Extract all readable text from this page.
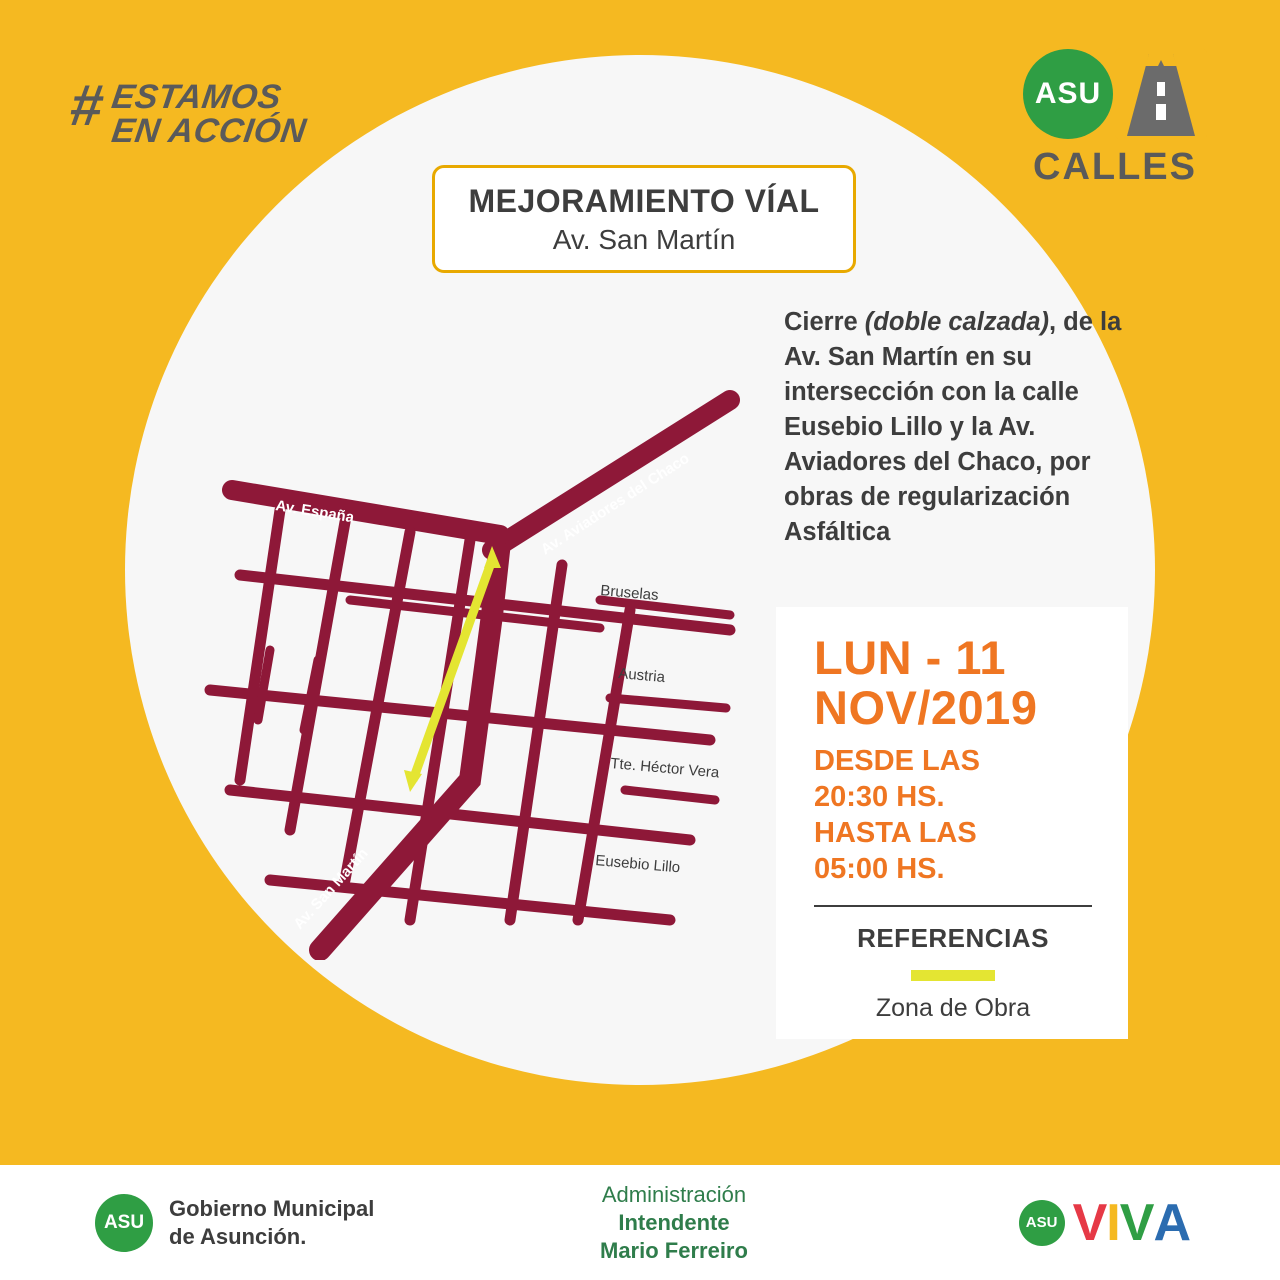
# ESTAMOS
EN ACCIÓN
ASU
CALLES
MEJORAMIENTO VÍAL
Av. San Martín
Cierre (doble calzada), de la Av. San Martín en su intersección con la calle Eusebio Lillo y la Av. Aviadores del Chaco, por obras de regularización Asfáltica
LUN - 11
NOV/2019
DESDE LAS
20:30 HS.
HASTA LAS
05:00 HS.
REFERENCIAS
Zona de Obra
Av. España	Av. Aviadores del Chaco
Av. San Martín
Bruselas
Austria
Tte. Héctor Vera
Eusebio Lillo
ASU
Gobierno Municipal
de Asunción.
Administración
Intendente
Mario Ferreiro
ASU V I V A
